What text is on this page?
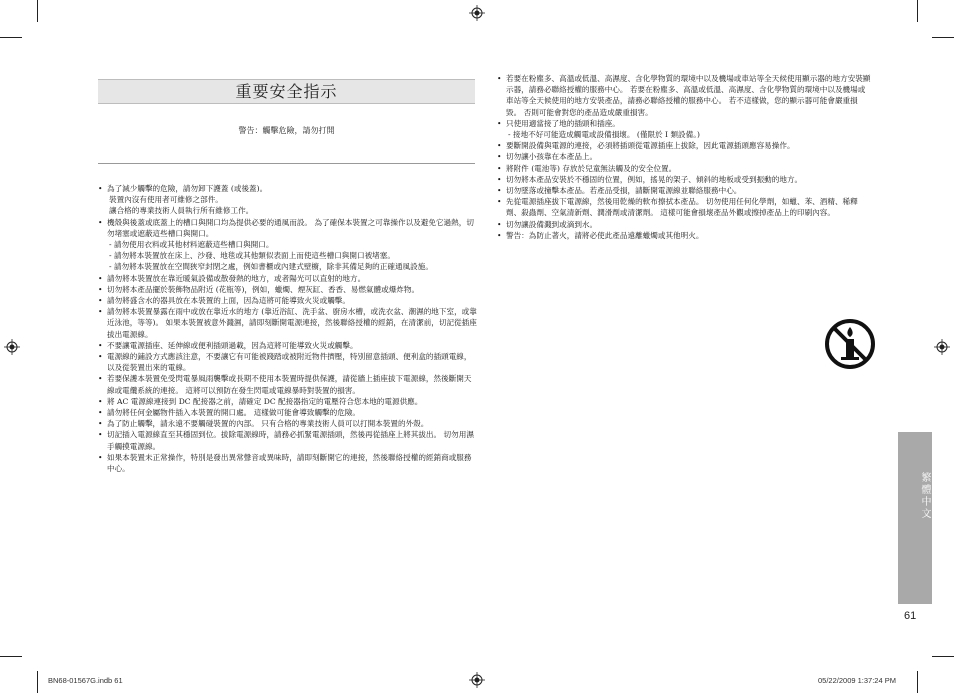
重要安全指示
警告：觸擊危險，請勿打開
• 為了減少觸擊的危險，請勿卸下護蓋 (或後蓋)。
裝置內沒有使用者可維修之部件。
讓合格的專業技術人員執行所有維修工作。
• 機殼與後蓋或底蓋上的槽口與開口均為提供必要的通風而設。 為了確保本裝置之可靠操作以及避免它過熱，切勿堵塞或遮蔽這些槽口與開口。
- 請勿使用衣料或其他材料遮蔽這些槽口與開口。
- 請勿將本裝置放在床上、沙發、地毯或其他類似表面上而使這些槽口與開口被堵塞。
- 請勿將本裝置放在空間狹窄封閉之處，例如書櫃或內建式壁櫥，除非其備足夠的正確通風設施。
• 請勿將本裝置放在靠近暖氣設備或散發熱的地方，或者陽光可以直射的地方。
• 切勿將本產品擺於裝飾物品附近 (花瓶等)，例如，蠟燭、煙灰缸、香香、易燃氣體或爆炸物。
• 請勿將盛含水的器具放在本裝置的上面，因為這將可能導致火災或觸擊。
• 請勿將本裝置暴露在雨中或放在靠近水的地方 (靠近浴缸、洗手盆、廚房水槽，或洗衣盆、潮濕的地下室，或靠近泳池，等等)。 如果本裝置被意外濺濕，請即刻斷開電源連接，然後聯絡授權的經銷，在清潔前，切記從插座拔出電源線。
• 不要讓電源插座、延伸線或便利插頭過載，因為這將可能導致火災或觸擊。
• 電源線的鋪設方式應該注意，不要讓它有可能被踐踏或被附近物件擠壓，特別留意插頭、便利盒的插頭電線，以及從裝置出來的電線。
• 若要保護本裝置免受閃電暴風雨襲擊或長期不使用本裝置時提供保護，請從牆上插座拔下電源線，然後斷開天線或電纜系統的連接。 這將可以預防在發生閃電或電線暴時對裝置的損害。
• 將 AC 電源線連接到 DC 配接器之前，請確定 DC 配接器指定的電壓符合您本地的電源供應。
• 請勿將任何金屬物件插入本裝置的開口處。 這樣做可能會導致觸擊的危險。
• 為了防止觸擊，請永遠不要觸碰裝置的內部。 只有合格的專業技術人員可以打開本裝置的外殼。
• 切記插入電源線直至其穩固到位。拔除電源線時，請務必抓緊電源插頭，然後再從插座上將其拔出。 切勿用濕手觸摸電源線。
• 如果本裝置未正常操作，特別是發出異常聲音或異味時，請即刻斷開它的連接，然後聯絡授權的經銷商或服務中心。
• 若要在粉塵多、高溫或低溫、高濕度、含化學物質的環境中以及機場或車站等全天候使用顯示器的地方安裝顯示器，請務必聯絡授權的服務中心。 若要在粉塵多、高溫或低溫、高濕度、含化學物質的環境中以及機場或車站等全天候使用的地方安裝產品，請務必聯絡授權的服務中心。 若不這樣做，您的顯示器可能會嚴重損毀。 否則可能會對您的產品造成嚴重損害。
• 只使用適當接了地的插頭和插座。
- 接地不好可能造成觸電或設備損壞。 (僅限於 I 類設備。)
• 要斷開設備與電源的連接，必須將插頭從電源插座上拔除，因此電源插頭應容易操作。
• 切勿讓小孩靠在本產品上。
• 將附件 (電池等) 存放於兒童無法觸及的安全位置。
• 切勿將本產品安裝於不穩固的位置，例如，搖晃的架子、傾斜的地板或受到振動的地方。
• 切勿墜落或撞擊本產品。若產品受損，請斷開電源線並聯絡服務中心。
• 先從電源插座拔下電源線，然後用乾燥的軟布擦拭本產品。 切勿使用任何化學劑，如蠟、苯、酒精、稀釋劑、殺蟲劑、空氣清新劑、潤滑劑或清潔劑。 這樣可能會損壞產品外觀或擦掉產品上的印刷內容。
• 切勿讓設備濺到或滴到水。
• 警告：為防止著火，請將必使此產品遠離蠟燭或其他明火。
繁體中文
61
BN68-01567G.indb 61	05/22/2009 1:37:24 PM
